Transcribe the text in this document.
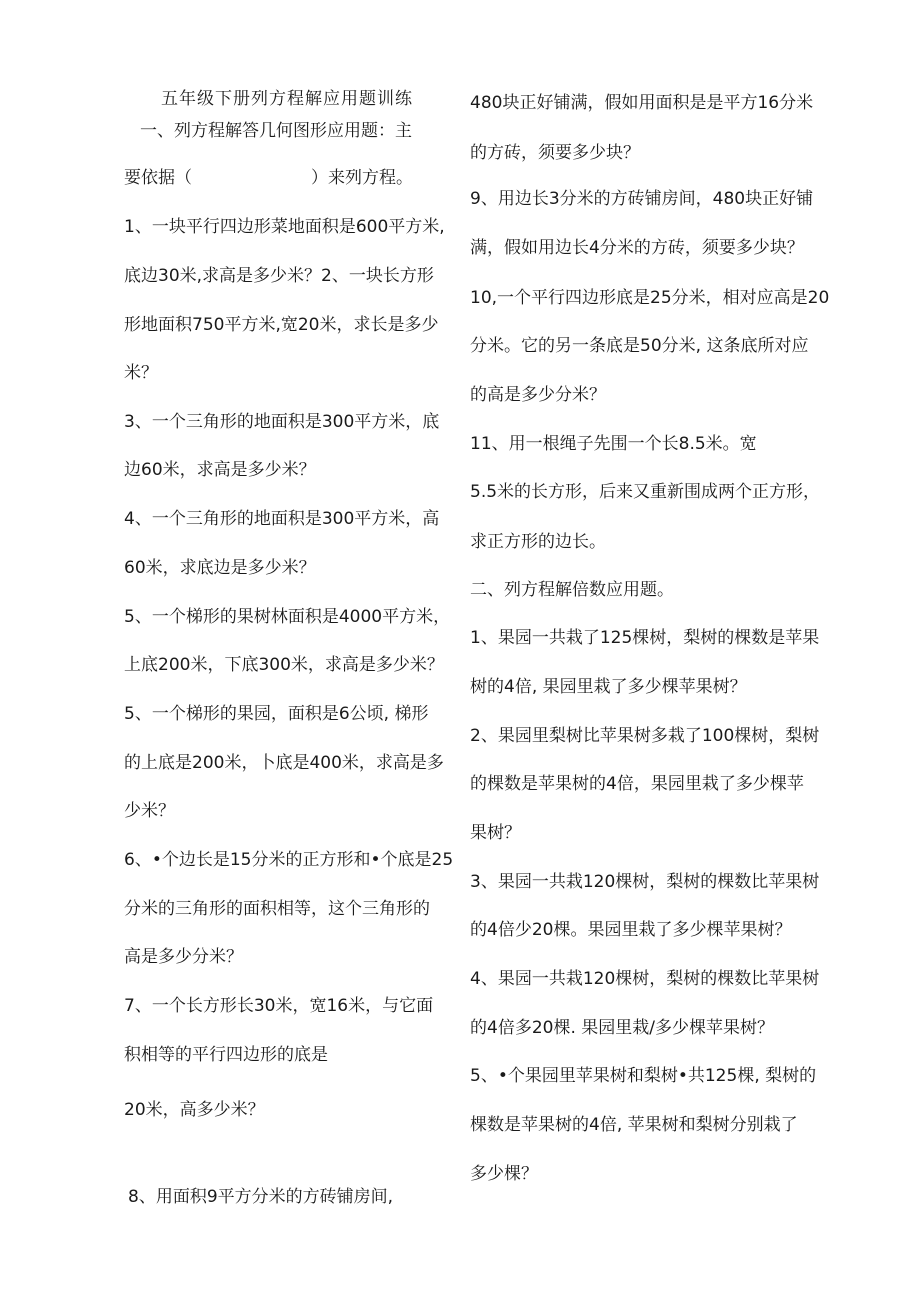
五年级下册列方程解应用题训练
一、列方程解答几何图形应用题：主
要依据（　　　　　　　）来列方程。
1、一块平行四边形菜地面积是600平方米,
底边30米,求高是多少米？2、一块长方形
形地面积750平方米,宽20米，求长是多少
米？
3、一个三角形的地面积是300平方米，底
边60米，求高是多少米？
4、一个三角形的地面积是300平方米，高
60米，求底边是多少米？
5、一个梯形的果树林面积是4000平方米，
上底200米，下底300米，求高是多少米？
5、一个梯形的果园，面积是6公顷, 梯形
的上底是200米，卜底是400米，求高是多
少米？
6、•个边长是15分米的正方形和•个底是25
分米的三角形的面积相等，这个三角形的
高是多少分米？
7、一个长方形长30米，宽16米，与它面
积相等的平行四边形的底是
20米，高多少米？
8、用面积9平方分米的方砖铺房间,
480块正好铺满，假如用面积是是平方16分米
的方砖，须要多少块？
9、用边长3分米的方砖铺房间，480块正好铺
满，假如用边长4分米的方砖，须要多少块？
10,一个平行四边形底是25分米，相对应高是20
分米。它的另一条底是50分米, 这条底所对应
的高是多少分米？
11、用一根绳子先围一个长8.5米。宽
5.5米的长方形，后来又重新围成两个正方形，
求正方形的边长。
二、列方程解倍数应用题。
1、果园一共栽了125棵树，梨树的棵数是苹果
树的4倍, 果园里栽了多少棵苹果树？
2、果园里梨树比苹果树多栽了100棵树，梨树
的棵数是苹果树的4倍，果园里栽了多少棵苹
果树？
3、果园一共栽120棵树，梨树的棵数比苹果树
的4倍少20棵。果园里栽了多少棵苹果树？
4、果园一共栽120棵树，梨树的棵数比苹果树
的4倍多20棵. 果园里栽/多少棵苹果树？
5、•个果园里苹果树和梨树•共125棵, 梨树的
棵数是苹果树的4倍, 苹果树和梨树分别栽了
多少棵？
